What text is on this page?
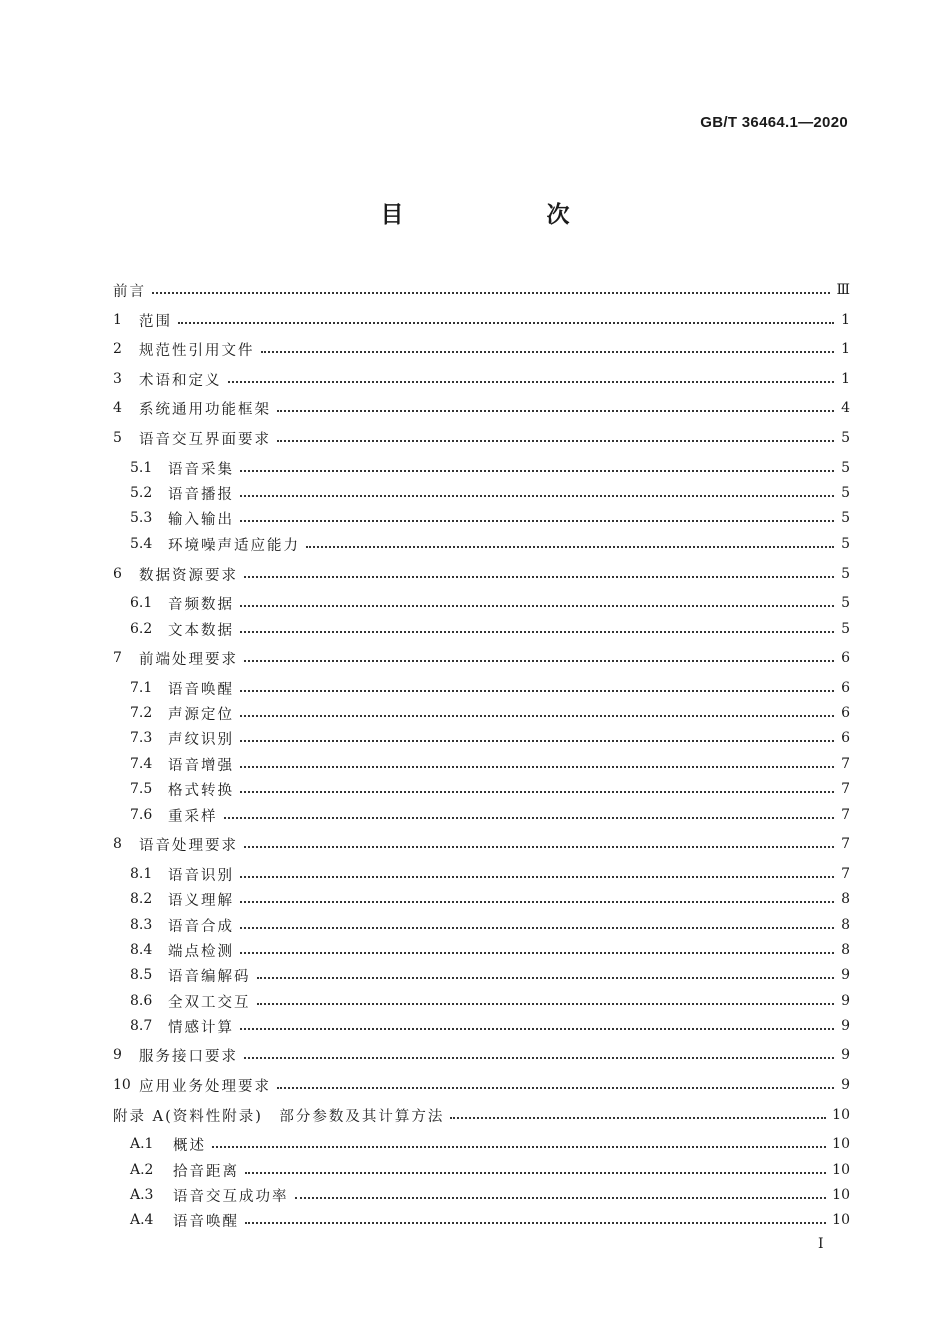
GB/T 36464.1—2020
目　次
前言	Ⅲ
1	范围	1
2	规范性引用文件	1
3	术语和定义	1
4	系统通用功能框架	4
5	语音交互界面要求	5
5.1	语音采集	5
5.2	语音播报	5
5.3	输入输出	5
5.4	环境噪声适应能力	5
6	数据资源要求	5
6.1	音频数据	5
6.2	文本数据	5
7	前端处理要求	6
7.1	语音唤醒	6
7.2	声源定位	6
7.3	声纹识别	6
7.4	语音增强	7
7.5	格式转换	7
7.6	重采样	7
8	语音处理要求	7
8.1	语音识别	7
8.2	语义理解	8
8.3	语音合成	8
8.4	端点检测	8
8.5	语音编解码	9
8.6	全双工交互	9
8.7	情感计算	9
9	服务接口要求	9
10 应用业务处理要求	9
附录 A(资料性附录)　部分参数及其计算方法	10
A.1	概述	10
A.2	拾音距离	10
A.3	语音交互成功率	10
A.4	语音唤醒	10
I
